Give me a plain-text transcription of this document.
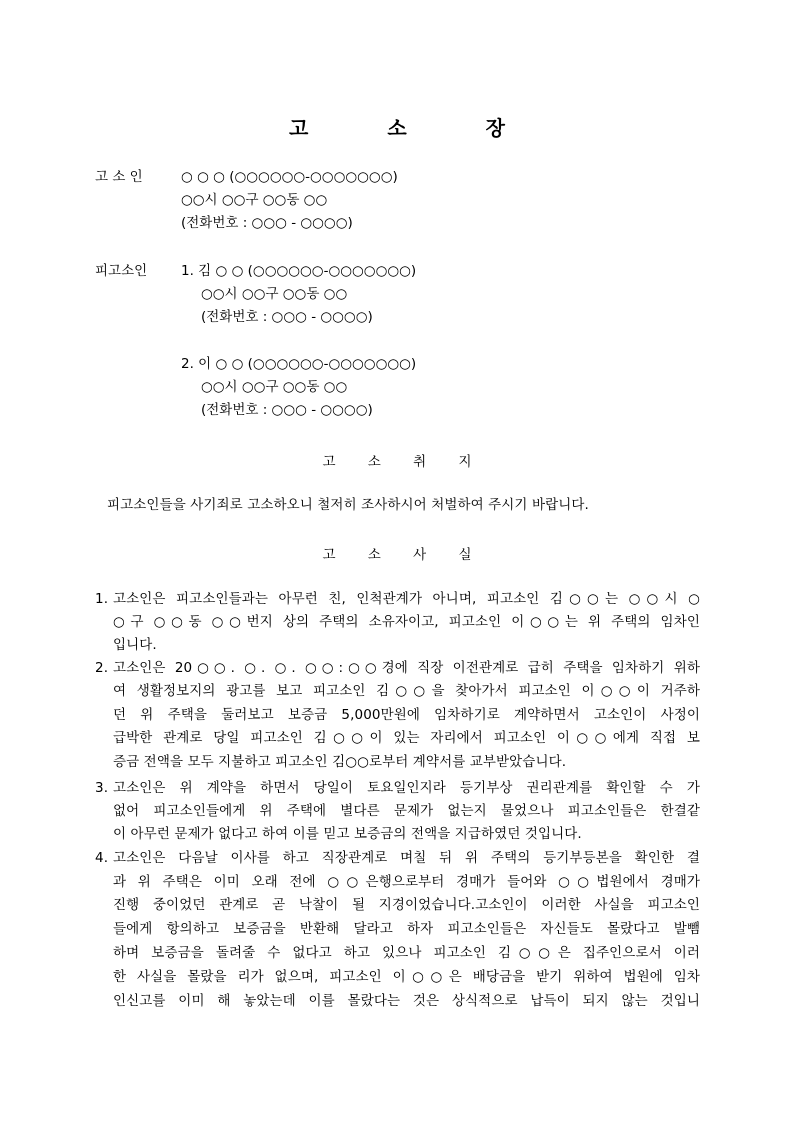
고 소 장
고 소 인	○ ○ ○ (○○○○○○-○○○○○○○)
○○시 ○○구 ○○동 ○○
(전화번호 : ○○○ - ○○○○)
피고소인	1. 김 ○ ○ (○○○○○○-○○○○○○○)
○○시 ○○구 ○○동 ○○
(전화번호 : ○○○ - ○○○○)
2. 이 ○ ○ (○○○○○○-○○○○○○○)
○○시 ○○구 ○○동 ○○
(전화번호 : ○○○ - ○○○○)
고 소 취 지
피고소인들을 사기죄로 고소하오니 철저히 조사하시어 처벌하여 주시기 바랍니다.
고 소 사 실
1. 고소인은 피고소인들과는 아무런 친, 인척관계가 아니며, 피고소인 김○○는 ○○시 ○
○구 ○○동 ○○번지 상의 주택의 소유자이고, 피고소인 이○○는 위 주택의 임차인
입니다.
2. 고소인은 20○○. ○. ○. ○○:○○경에 직장 이전관계로 급히 주택을 임차하기 위하
여 생활정보지의 광고를 보고 피고소인 김○○을 찾아가서 피고소인 이○○이 거주하
던 위 주택을 둘러보고 보증금 5,000만원에 임차하기로 계약하면서 고소인이 사정이
급박한 관계로 당일 피고소인 김○○이 있는 자리에서 피고소인 이○○에게 직접 보
증금 전액을 모두 지불하고 피고소인 김○○로부터 계약서를 교부받았습니다.
3. 고소인은 위 계약을 하면서 당일이 토요일인지라 등기부상 권리관계를 확인할 수 가
없어 피고소인들에게 위 주택에 별다른 문제가 없는지 물었으나 피고소인들은 한결같
이 아무런 문제가 없다고 하여 이를 믿고 보증금의 전액을 지급하였던 것입니다.
4. 고소인은 다음날 이사를 하고 직장관계로 며칠 뒤 위 주택의 등기부등본을 확인한 결
과 위 주택은 이미 오래 전에 ○○은행으로부터 경매가 들어와 ○○법원에서 경매가
진행 중이었던 관계로 곧 낙찰이 될 지경이었습니다.고소인이 이러한 사실을 피고소인
들에게 항의하고 보증금을 반환해 달라고 하자 피고소인들은 자신들도 몰랐다고 발뺌
하며 보증금을 돌려줄 수 없다고 하고 있으나 피고소인 김○○은 집주인으로서 이러
한 사실을 몰랐을 리가 없으며, 피고소인 이○○은 배당금을 받기 위하여 법원에 임차
인신고를 이미 해 놓았는데 이를 몰랐다는 것은 상식적으로 납득이 되지 않는 것입니
